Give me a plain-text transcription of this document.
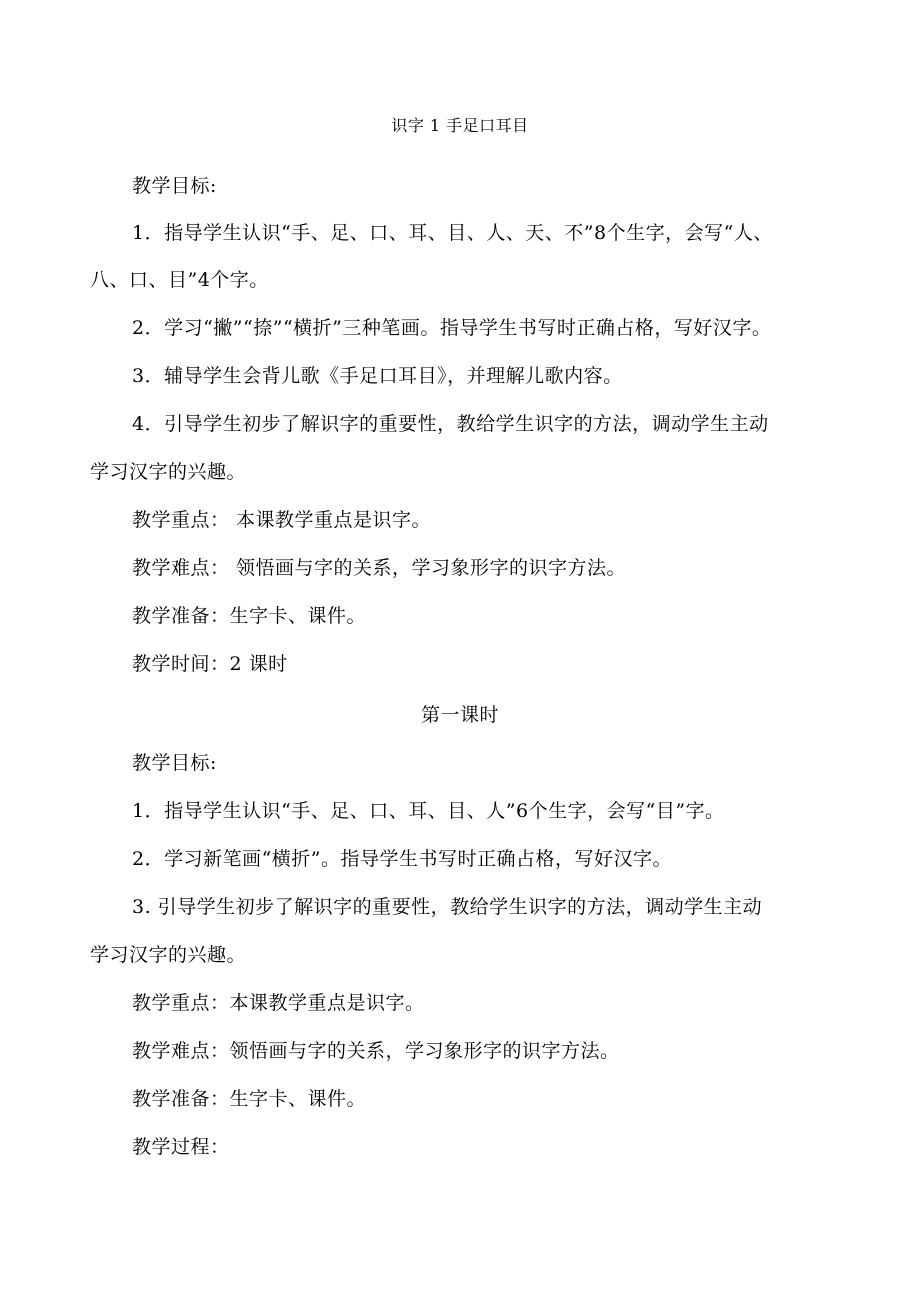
识字 1 手足口耳目
教学目标:
1．指导学生认识“手、足、口、耳、目、人、天、不”8个生字，会写“人、
八、口、目”4个字。
2．学习“撇”“捺”“横折”三种笔画。指导学生书写时正确占格，写好汉字。
3．辅导学生会背儿歌《手足口耳目》，并理解儿歌内容。
4．引导学生初步了解识字的重要性，教给学生识字的方法，调动学生主动
学习汉字的兴趣。
教学重点： 本课教学重点是识字。
教学难点： 领悟画与字的关系，学习象形字的识字方法。
教学准备：生字卡、课件。
教学时间：2 课时
第一课时
教学目标:
1．指导学生认识“手、足、口、耳、目、人”6个生字，会写“目”字。
2．学习新笔画“横折”。指导学生书写时正确占格，写好汉字。
3. 引导学生初步了解识字的重要性，教给学生识字的方法，调动学生主动
学习汉字的兴趣。
教学重点：本课教学重点是识字。
教学难点：领悟画与字的关系，学习象形字的识字方法。
教学准备：生字卡、课件。
教学过程：
